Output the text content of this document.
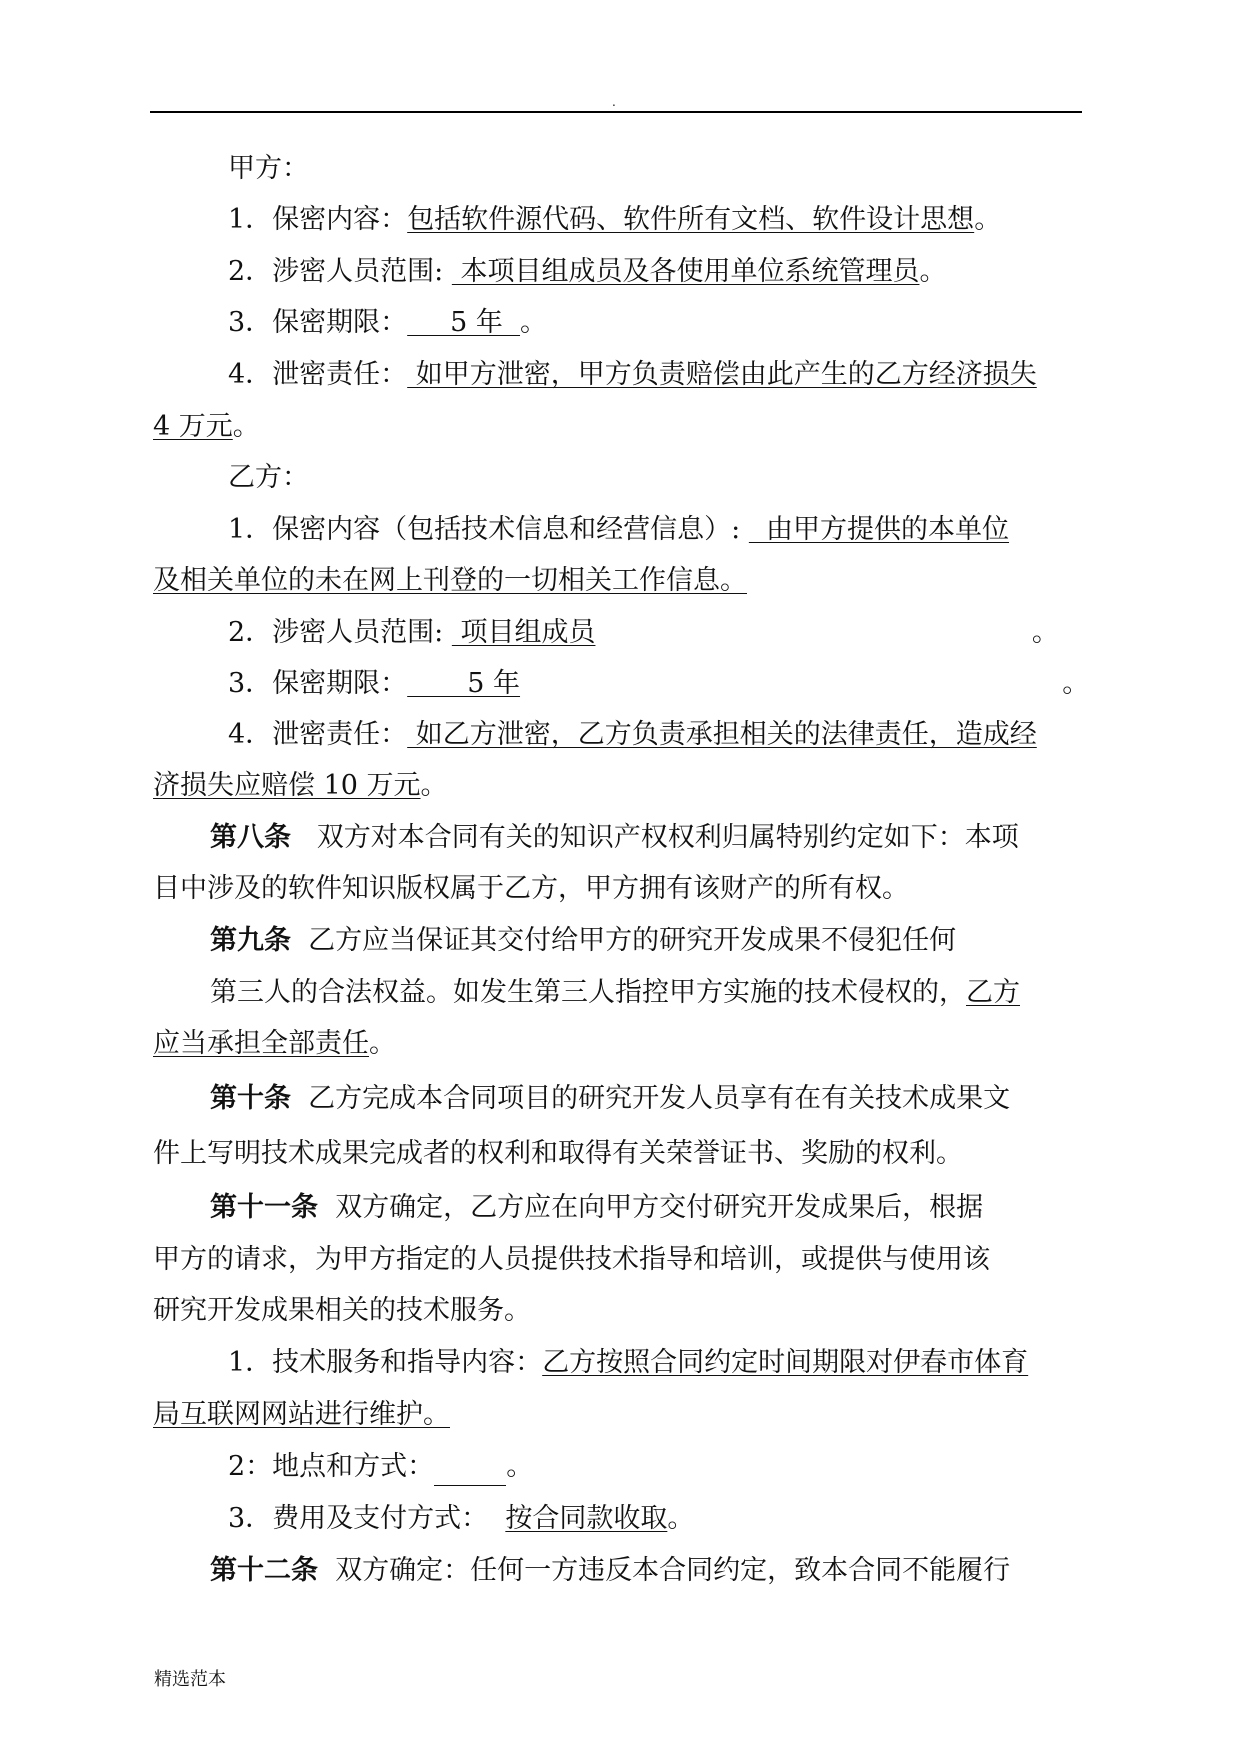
.
甲方：
1．保密内容：包括软件源代码、软件所有文档、软件设计思想。
2．涉密人员范围:  本项目组成员及各使用单位系统管理员。
3．保密期限：     5 年  。
4．泄密责任： 如甲方泄密，甲方负责赔偿由此产生的乙方经济损失
4 万元。
乙方：
1．保密内容（包括技术信息和经营信息）:   由甲方提供的本单位
及相关单位的未在网上刊登的一切相关工作信息。
2．涉密人员范围:  项目组成员	。
3．保密期限：       5 年	。
4．泄密责任： 如乙方泄密，乙方负责承担相关的法律责任，造成经
济损失应赔偿 10 万元。
第八条   双方对本合同有关的知识产权权利归属特别约定如下：本项
目中涉及的软件知识版权属于乙方，甲方拥有该财产的所有权。
第九条  乙方应当保证其交付给甲方的研究开发成果不侵犯任何
第三人的合法权益。如发生第三人指控甲方实施的技术侵权的，乙方
应当承担全部责任。
第十条  乙方完成本合同项目的研究开发人员享有在有关技术成果文
件上写明技术成果完成者的权利和取得有关荣誉证书、奖励的权利。
第十一条  双方确定，乙方应在向甲方交付研究开发成果后，根据
甲方的请求，为甲方指定的人员提供技术指导和培训，或提供与使用该
研究开发成果相关的技术服务。
1．技术服务和指导内容：乙方按照合同约定时间期限对伊春市体育
局互联网网站进行维护。
2：地点和方式：	。
3．费用及支付方式：  按合同款收取。
第十二条  双方确定：任何一方违反本合同约定，致本合同不能履行
精选范本
